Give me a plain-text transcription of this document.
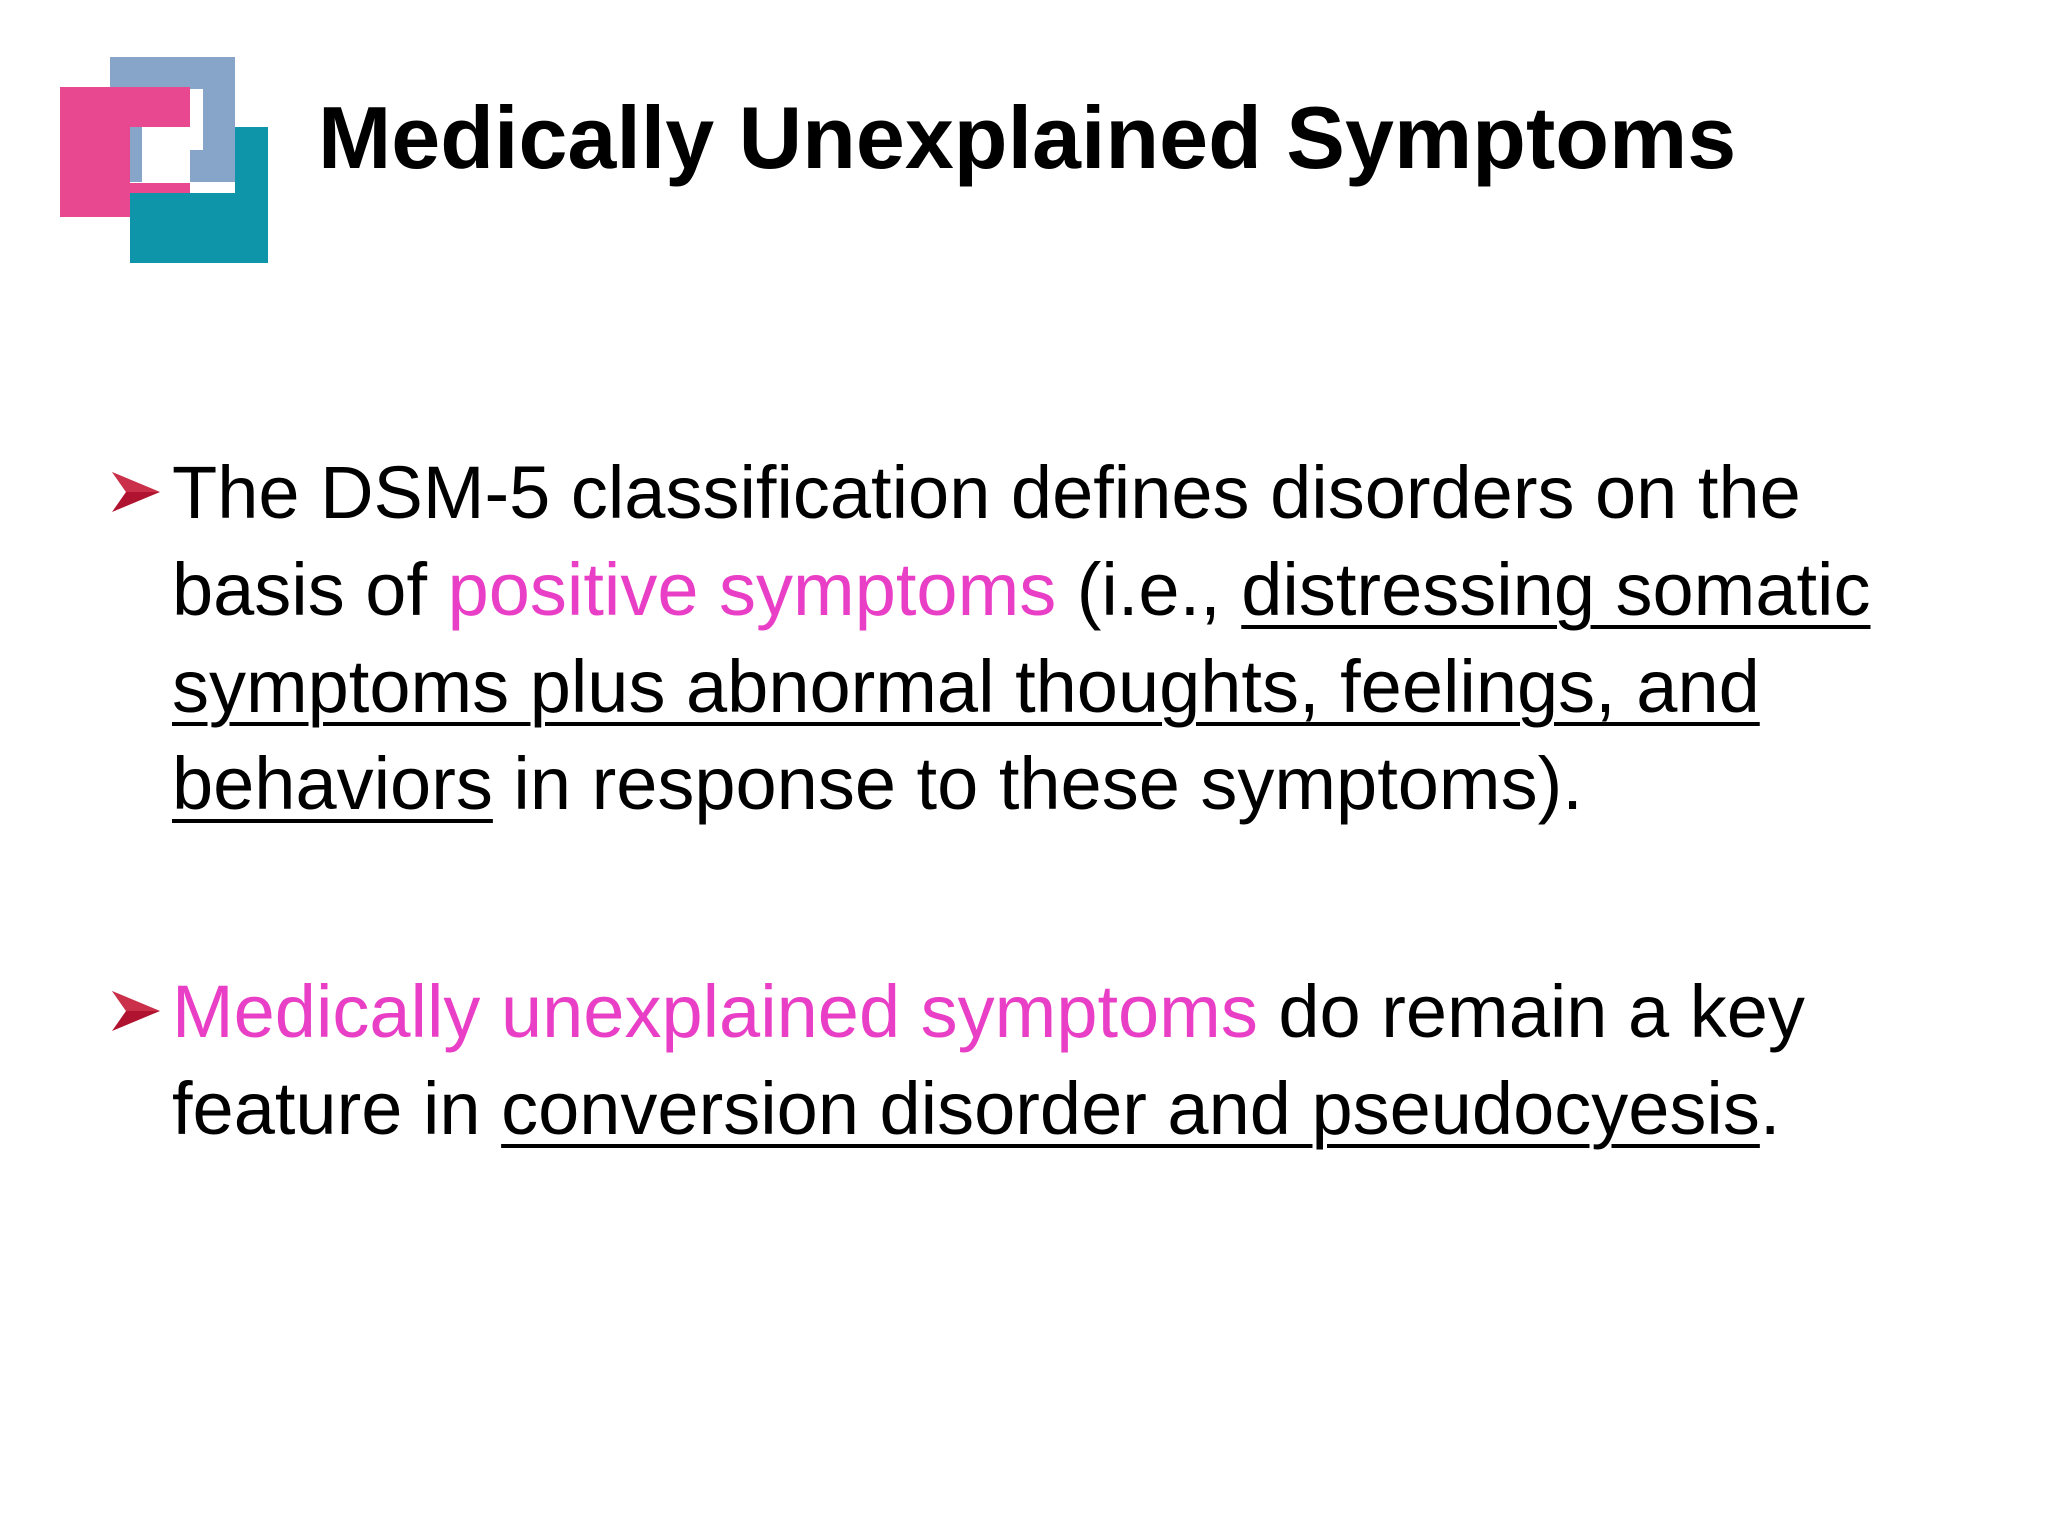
Medically Unexplained Symptoms
The DSM-5 classification defines disorders on the basis of positive symptoms (i.e., distressing somatic symptoms plus abnormal thoughts, feelings, and behaviors in response to these symptoms).
Medically unexplained symptoms do remain a key feature in conversion disorder and pseudocyesis.
